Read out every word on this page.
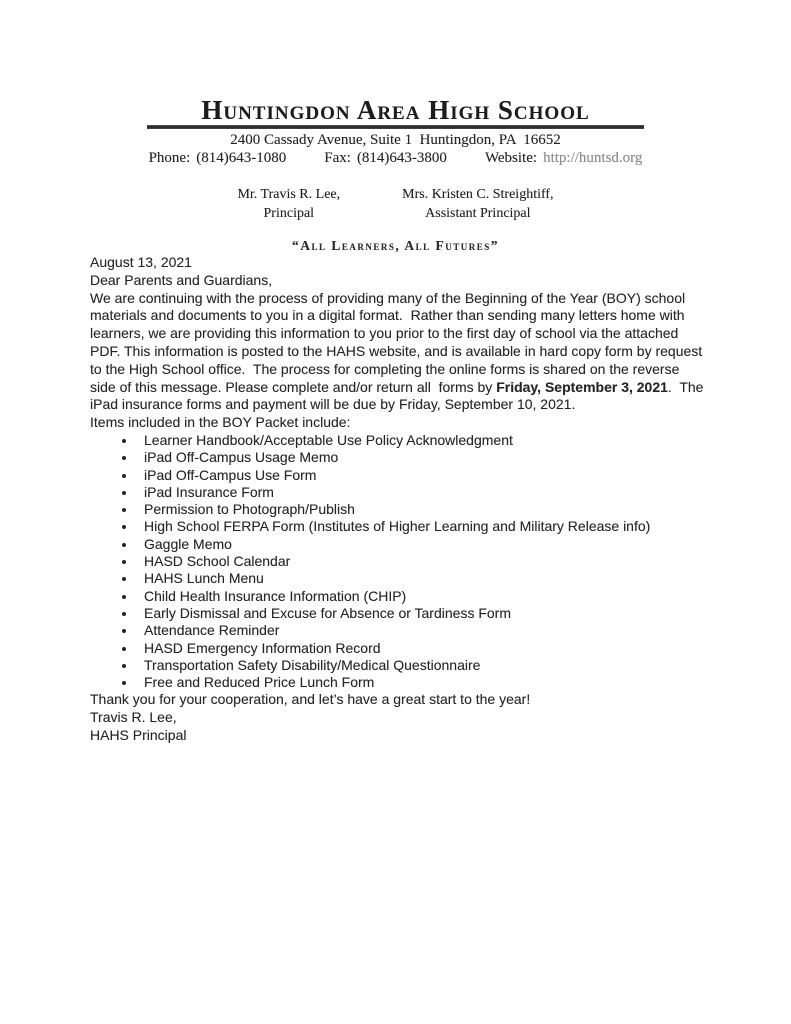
Huntingdon Area High School
2400 Cassady Avenue, Suite 1  Huntingdon, PA  16652
Phone: (814)643-1080	Fax: (814)643-3800	Website: http://huntsd.org
Mr. Travis R. Lee,
Principal
Mrs. Kristen C. Streightiff,
Assistant Principal
“All Learners, All Futures”

August 13, 2021

Dear Parents and Guardians,

We are continuing with the process of providing many of the Beginning of the Year (BOY) school materials and documents to you in a digital format.  Rather than sending many letters home with learners, we are providing this information to you prior to the first day of school via the attached PDF. This information is posted to the HAHS website, and is available in hard copy form by request to the High School office.  The process for completing the online forms is shared on the reverse side of this message. Please complete and/or return all  forms by Friday, September 3, 2021.  The iPad insurance forms and payment will be due by Friday, September 10, 2021.

Items included in the BOY Packet include:

• Learner Handbook/Acceptable Use Policy Acknowledgment
• iPad Off-Campus Usage Memo
• iPad Off-Campus Use Form
• iPad Insurance Form
• Permission to Photograph/Publish
• High School FERPA Form (Institutes of Higher Learning and Military Release info)
• Gaggle Memo
• HASD School Calendar
• HAHS Lunch Menu
• Child Health Insurance Information (CHIP)
• Early Dismissal and Excuse for Absence or Tardiness Form
• Attendance Reminder
• HASD Emergency Information Record
• Transportation Safety Disability/Medical Questionnaire
• Free and Reduced Price Lunch Form

Thank you for your cooperation, and let’s have a great start to the year!

Travis R. Lee,

HAHS Principal
